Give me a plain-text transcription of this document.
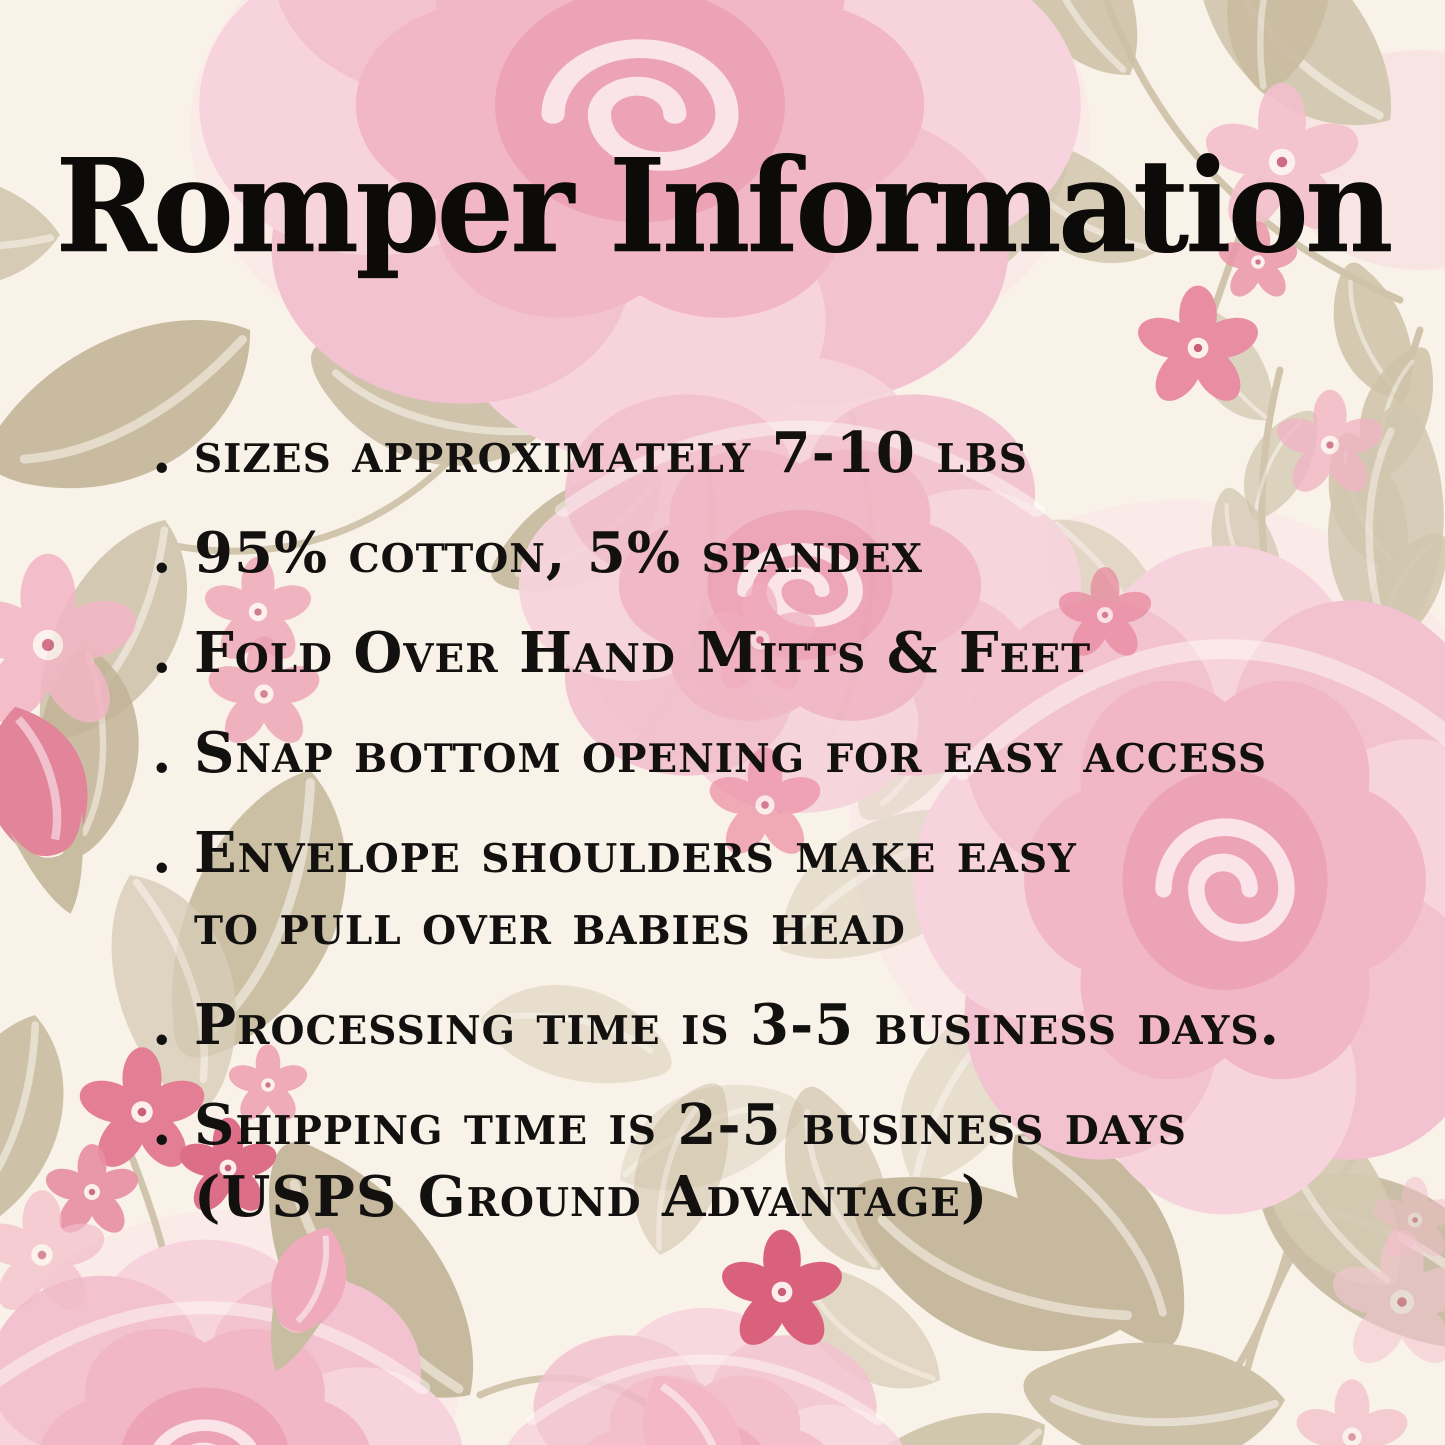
Romper Information
. sizes approximately 7-10 lbs
. 95% cotton, 5% spandex
. Fold Over Hand Mitts & Feet
. Snap bottom opening for easy access
. Envelope shoulders make easy
to pull over babies head
. Processing time is 3-5 business days.
. Shipping time is 2-5 business days
(USPS Ground Advantage)
